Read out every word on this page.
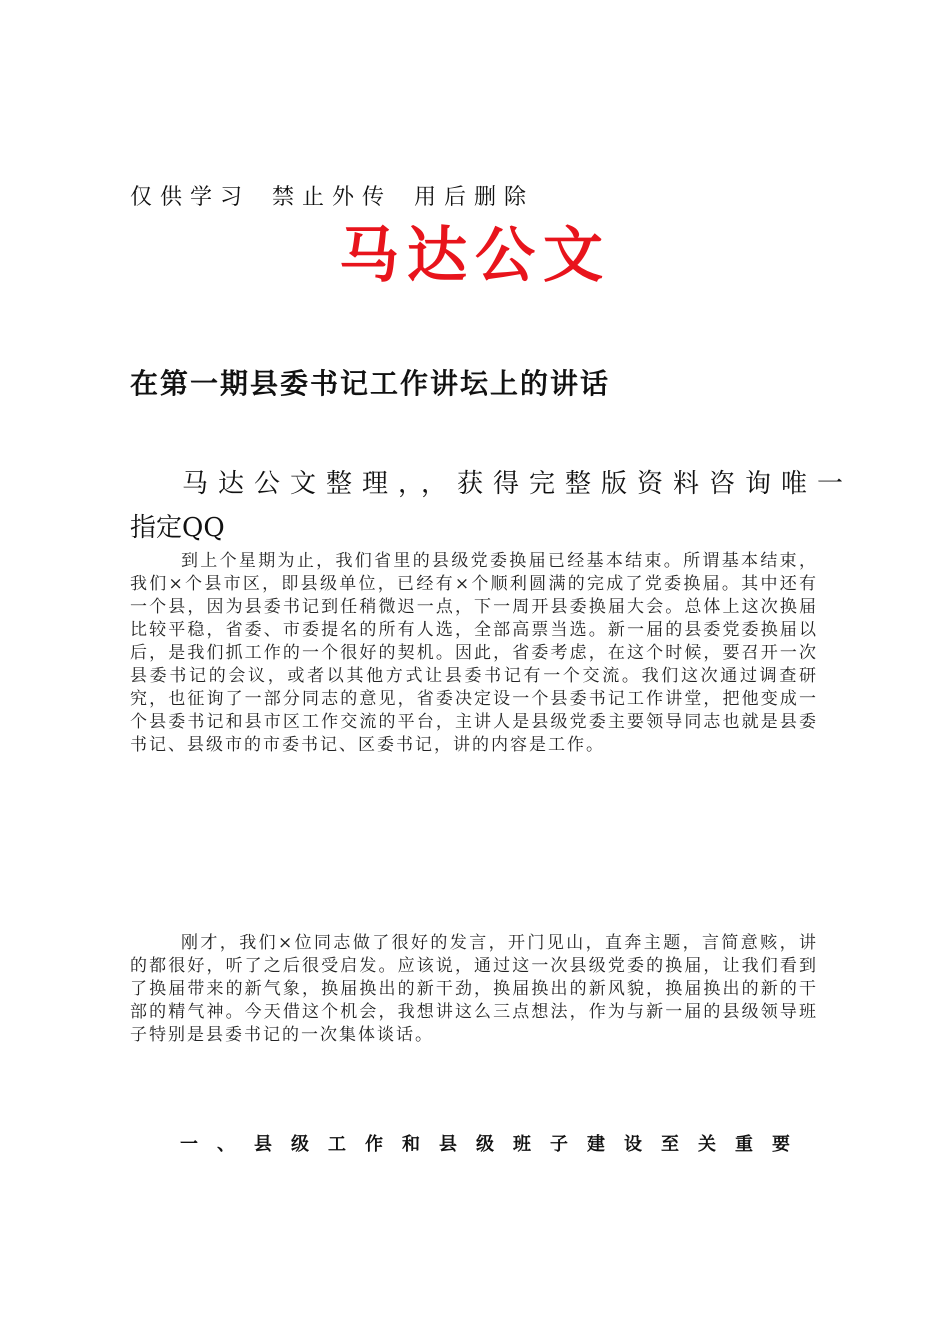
仅供学习 禁止外传 用后删除
马达公文
在第一期县委书记工作讲坛上的讲话
马达公文整理，，获得完整版资料咨询唯一
指定QQ

到上个星期为止，我们省里的县级党委换届已经基本结束。所谓基本结束，我们×个县市区，即县级单位，已经有×个顺利圆满的完成了党委换届。其中还有一个县，因为县委书记到任稍微迟一点，下一周开县委换届大会。总体上这次换届比较平稳，省委、市委提名的所有人选，全部高票当选。新一届的县委党委换届以后，是我们抓工作的一个很好的契机。因此，省委考虑，在这个时候，要召开一次县委书记的会议，或者以其他方式让县委书记有一个交流。我们这次通过调查研究，也征询了一部分同志的意见，省委决定设一个县委书记工作讲堂，把他变成一个县委书记和县市区工作交流的平台，主讲人是县级党委主要领导同志也就是县委书记、县级市的市委书记、区委书记，讲的内容是工作。

刚才，我们×位同志做了很好的发言，开门见山，直奔主题，言简意赅，讲的都很好，听了之后很受启发。应该说，通过这一次县级党委的换届，让我们看到了换届带来的新气象，换届换出的新干劲，换届换出的新风貌，换届换出的新的干部的精气神。今天借这个机会，我想讲这么三点想法，作为与新一届的县级领导班子特别是县委书记的一次集体谈话。

一、县级工作和县级班子建设至关重要
